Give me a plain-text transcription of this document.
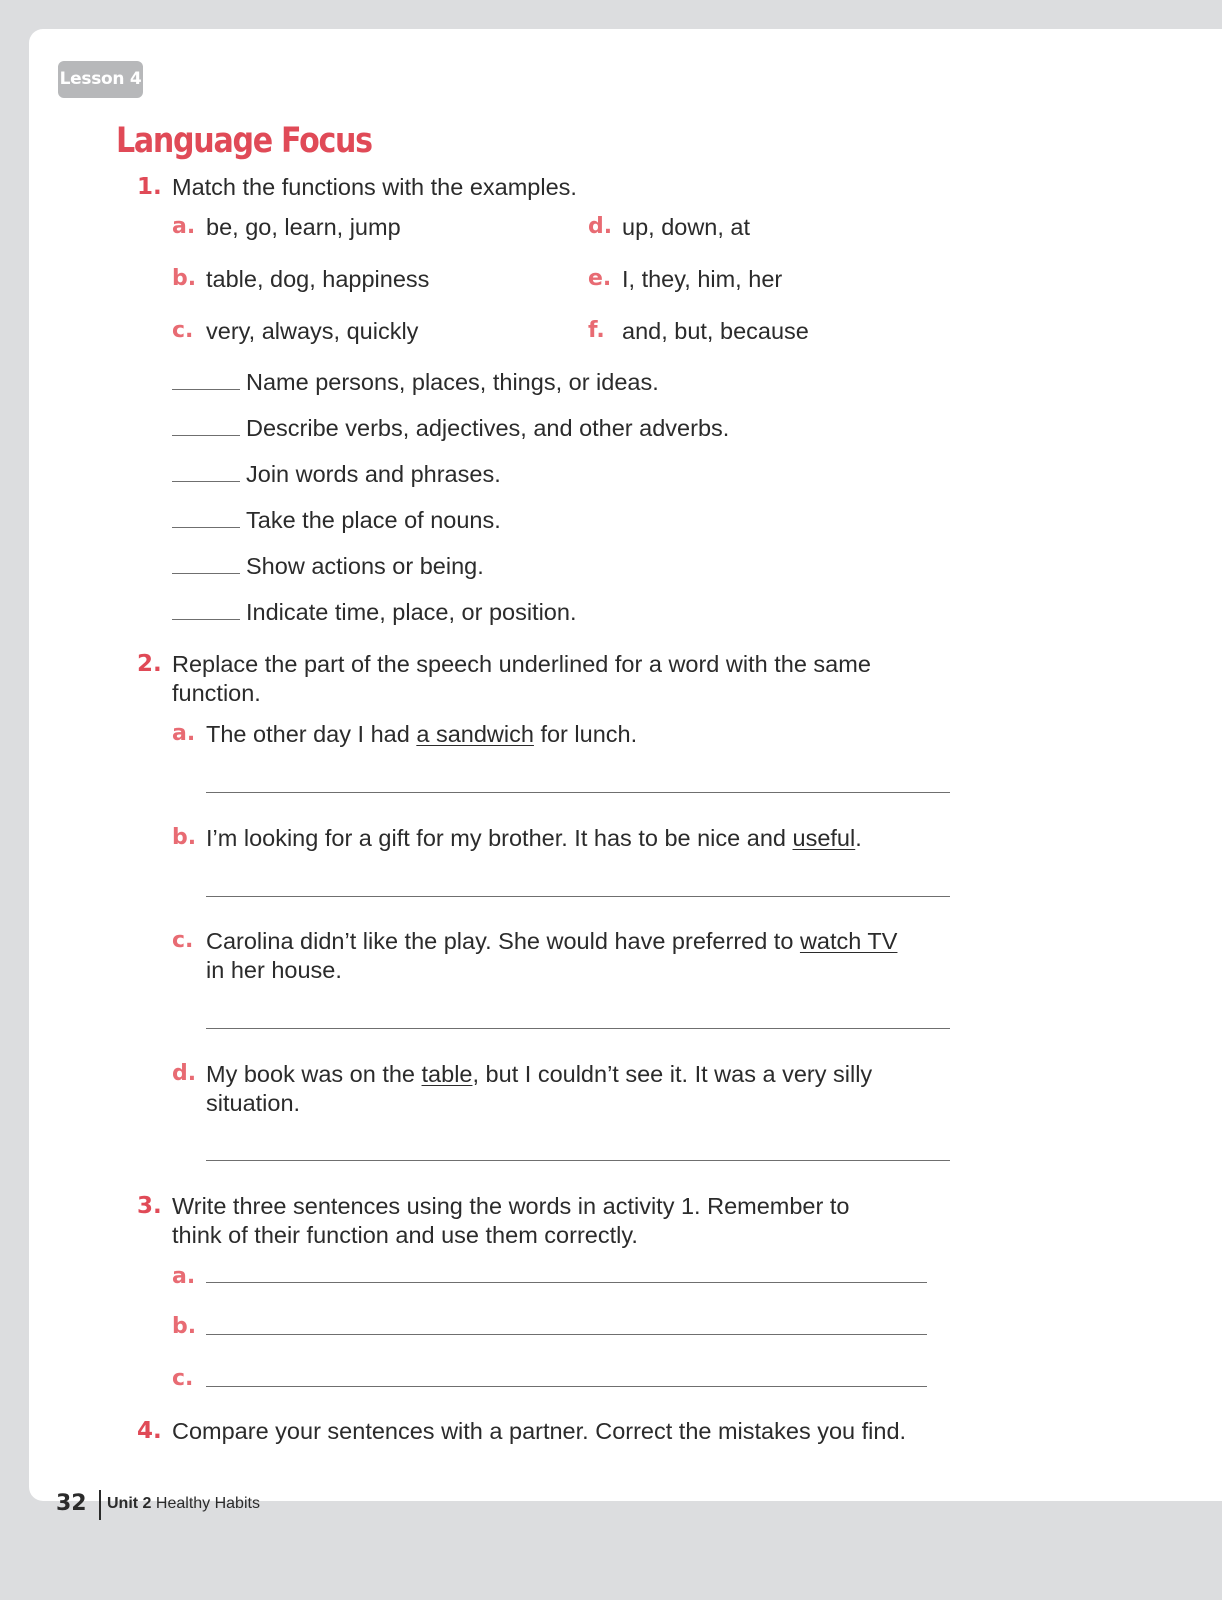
Lesson 4
Language Focus
1. Match the functions with the examples.
a. be, go, learn, jump
b. table, dog, happiness
c. very, always, quickly
d. up, down, at
e. I, they, him, her
f. and, but, because
Name persons, places, things, or ideas.
Describe verbs, adjectives, and other adverbs.
Join words and phrases.
Take the place of nouns.
Show actions or being.
Indicate time, place, or position.
2. Replace the part of the speech underlined for a word with the same
function.
a. The other day I had a sandwich for lunch.
b. I’m looking for a gift for my brother. It has to be nice and useful.
c. Carolina didn’t like the play. She would have preferred to watch TV
in her house.
d. My book was on the table, but I couldn’t see it. It was a very silly
situation.
3. Write three sentences using the words in activity 1. Remember to
think of their function and use them correctly.
a.
b.
c.
4. Compare your sentences with a partner. Correct the mistakes you find.
32 Unit 2 Healthy Habits
